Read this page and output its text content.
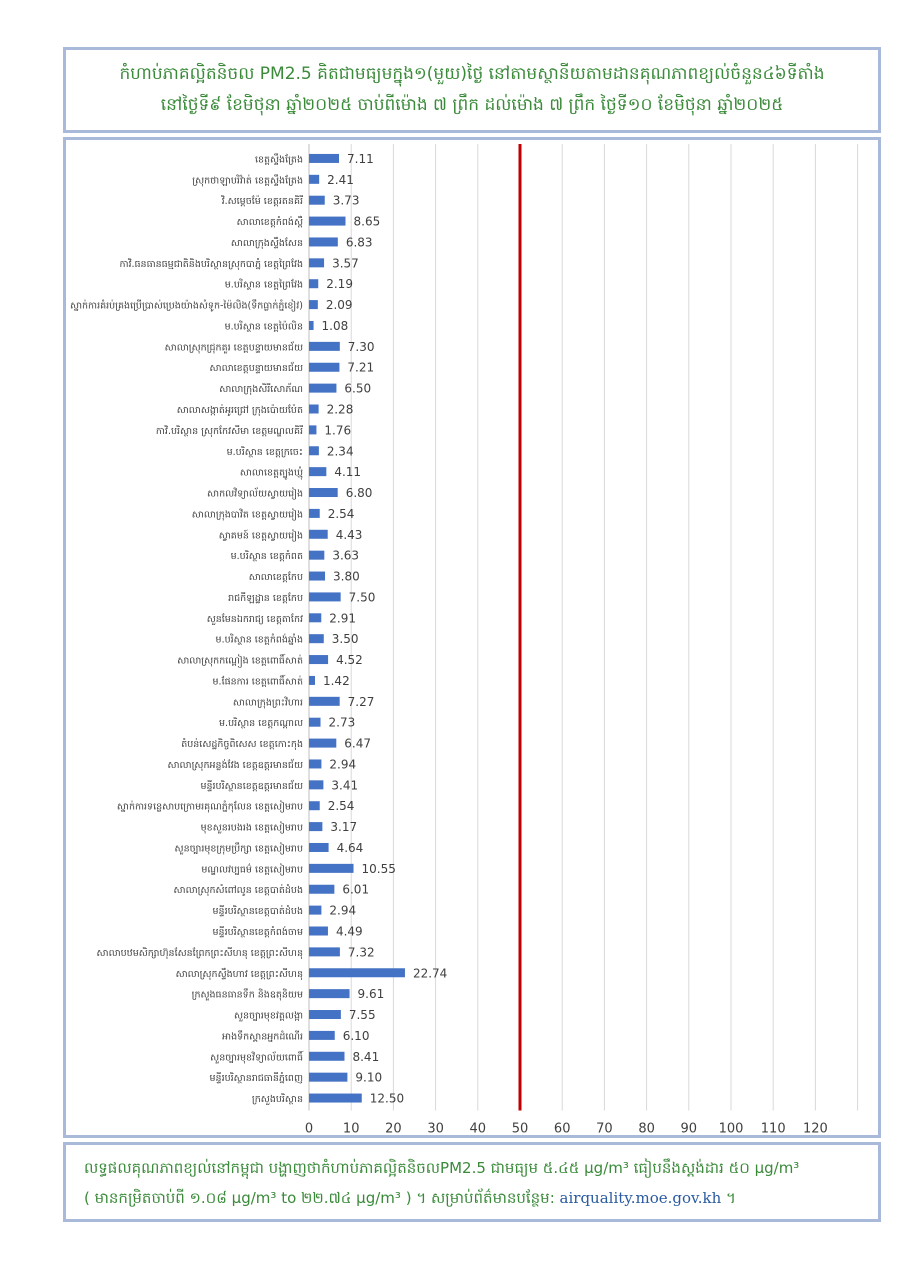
កំហាប់ភាគល្អិតនិចល PM2.5 គិតជាមធ្យមក្នុង១(មួយ)ថ្ងៃ នៅតាមស្ថានីយតាមដានគុណភាពខ្យល់ចំនួន៤៦ទីតាំង
នៅថ្ងៃទី៩ ខែមិថុនា ឆ្នាំ២០២៥ ចាប់ពីម៉ោង ៧ ព្រឹក ដល់ម៉ោង ៧ ព្រឹក ថ្ងៃទី១០ ខែមិថុនា ឆ្នាំ២០២៥
7.11
ខេត្តស្ទឹងត្រែង
2.41
ស្រុកថាឡាបរិវ៉ាត់ ខេត្តស្ទឹងត្រែង
3.73
វិ.សម្តេចម៉ែ ខេត្តរតនគិរី
8.65
សាលាខេត្តកំពង់ស្ពឺ
6.83
សាលាក្រុងស្ទឹងសែន
3.57
កាវិ.ធនធានធម្មជាតិនិងបរិស្ថានស្រុកបាភ្នំ ខេត្តព្រៃវែង
2.19
ម.បរិស្ថាន ខេត្តព្រៃវែង
2.09
ស្នាក់ការគំរប់គ្រងប្រើប្រាស់ប្រេងយ៉ាងសំទូក-ម៉ៃលិង(ទឹកធ្លាក់ភ្នំខៀវ)
1.08
ម.បរិស្ថាន ខេត្តប៉ៃលិន
7.30
សាលាស្រុកជ្រុកគួរ ខេត្តបន្ទាយមានជ័យ
7.21
សាលាខេត្តបន្ទាយមានជ័យ
6.50
សាលាក្រុងសិរីសោភ័ណ
2.28
សាលាសង្កាត់អូរជ្រៅ ក្រុងប៉ោយប៉ែត
1.76
កាវិ.បរិស្ថាន ស្រុកកែវសីមា ខេត្តមណ្ឌលគិរី
2.34
ម.បរិស្ថាន ខេត្តក្រចេះ
4.11
សាលាខេត្តត្បូងឃ្មុំ
6.80
សាកលវិទ្យាល័យស្វាយរៀង
2.54
សាលាក្រុងបាវិត ខេត្តស្វាយរៀង
4.43
ស្វាគមន៍ ខេត្តស្វាយរៀង
3.63
ម.បរិស្ថាន ខេត្តកំពត
3.80
សាលាខេត្តកែប
7.50
រាជកីឡដ្ឋាន ខេត្តកែប
2.91
សួនមែនឯករាជ្យ ខេត្តតាកែវ
3.50
ម.បរិស្ថាន ខេត្តកំពង់ឆ្នាំង
4.52
សាលាស្រុកកណ្តៀង ខេត្តពោធិ៍សាត់
1.42
ម.ផែនការ ខេត្តពោធិ៍សាត់
7.27
សាលាក្រុងព្រះវិហារ
2.73
ម.បរិស្ថាន ខេត្តកណ្តាល
6.47
តំបន់សេដ្ឋកិច្ចពិសេស ខេត្តកោះកុង
2.94
សាលាស្រុកអន្លង់វែង ខេត្តឧត្តរមានជ័យ
3.41
មន្ទីរបរិស្ថានខេត្តឧត្តរមានជ័យ
2.54
ស្នាក់ការទន្លេសាបក្រោមរគុណភ្នំកុលែន ខេត្តសៀមរាប
3.17
មុខសួនរបងរង ខេត្តសៀមរាប
4.64
សួនច្បារមុខក្រុមប្រឹក្សា ខេត្តសៀមរាប
10.55
មណ្ឌលវប្បធម៌ ខេត្តសៀមរាប
6.01
សាលាស្រុកសំពៅលូន ខេត្តបាត់ដំបង
2.94
មន្ទីរបរិស្ថានខេត្តបាត់ដំបង
4.49
មន្ទីរបរិស្ថានខេត្តកំពង់ចាម
7.32
សាលាបឋមសិក្សាហ៊ុនសែនព្រែកព្រះសីហនុ ខេត្តព្រះសីហនុ
22.74
សាលាស្រុកស្ទឹងហាវ ខេត្តព្រះសីហនុ
9.61
ក្រសួងធនធានទឹក និងឧតុនិយម
7.55
សួនច្បារមុខវត្តលង្កា
6.10
អាងទឹកស្ពានអ្នកដំណើរ
8.41
សួនច្បារមុខវិទ្យាល័យពោធិ៍
9.10
មន្ទីរបរិស្ថានរាជធានីភ្នំពេញ
12.50
ក្រសួងបរិស្ថាន
0 10 20 30 40 50 60 70 80 90 100 110 120
លទ្ធផលគុណភាពខ្យល់នៅកម្ពុជា បង្ហាញថាកំហាប់ភាគល្អិតនិចលPM2.5 ជាមធ្យម ៥.៤៥ µg/m³ ធៀបនឹងស្តង់ដារ ៥០ µg/m³
( មានកម្រិតចាប់ពី ១.០៨ µg/m³ to ២២.៧៤ µg/m³ ) ។ សម្រាប់ព័ត៌មានបន្ថែម: airquality.moe.gov.kh ។
